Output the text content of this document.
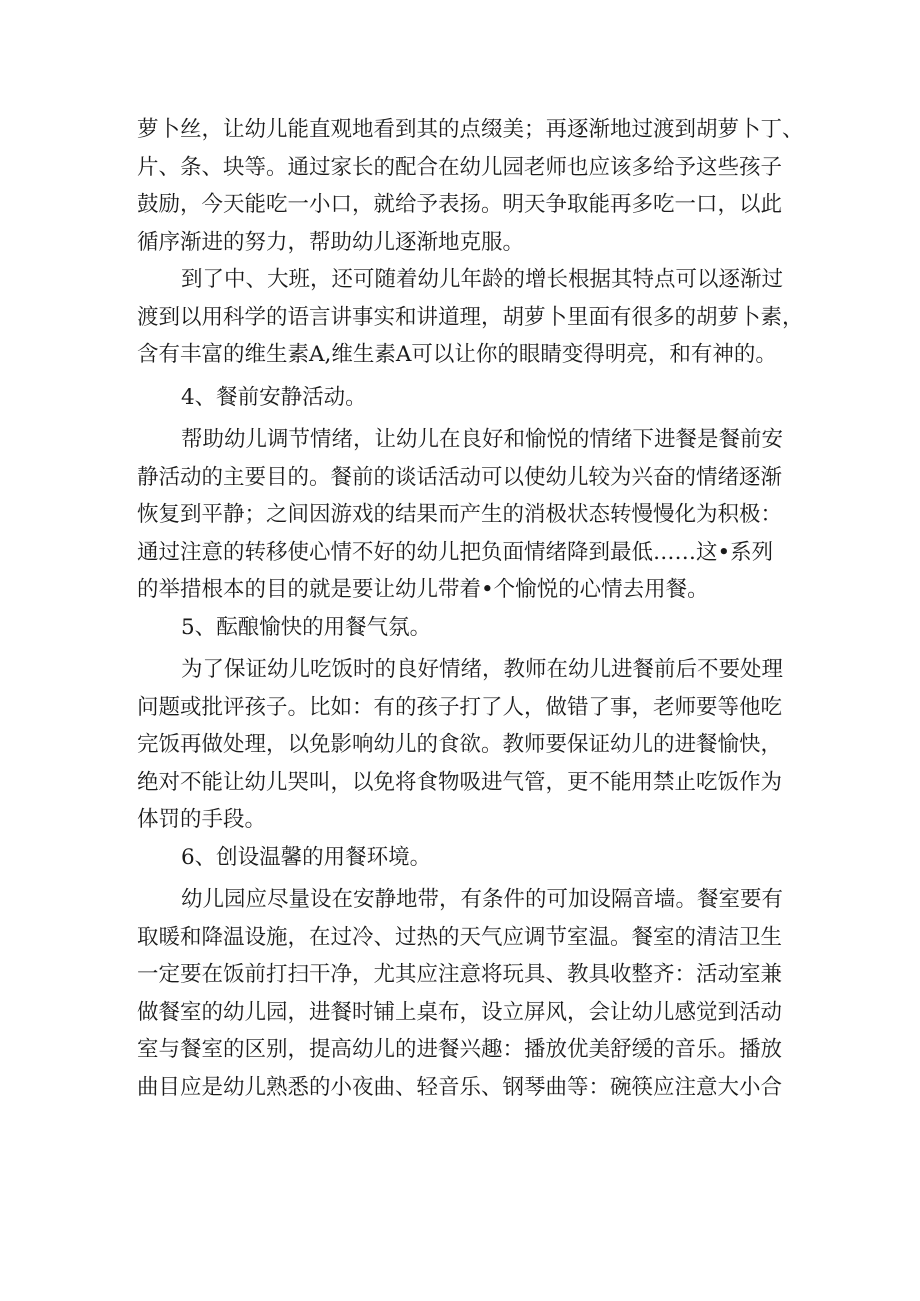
萝卜丝，让幼儿能直观地看到其的点缀美；再逐渐地过渡到胡萝卜丁、
片、条、块等。通过家长的配合在幼儿园老师也应该多给予这些孩子
鼓励，今天能吃一小口，就给予表扬。明天争取能再多吃一口，以此
循序渐进的努力，帮助幼儿逐渐地克服。
到了中、大班，还可随着幼儿年龄的增长根据其特点可以逐渐过
渡到以用科学的语言讲事实和讲道理，胡萝卜里面有很多的胡萝卜素，
含有丰富的维生素A,维生素A可以让你的眼睛变得明亮，和有神的。
4、餐前安静活动。
帮助幼儿调节情绪，让幼儿在良好和愉悦的情绪下进餐是餐前安
静活动的主要目的。餐前的谈话活动可以使幼儿较为兴奋的情绪逐渐
恢复到平静；之间因游戏的结果而产生的消极状态转慢慢化为积极：
通过注意的转移使心情不好的幼儿把负面情绪降到最低……这•系列
的举措根本的目的就是要让幼儿带着•个愉悦的心情去用餐。
5、酝酿愉快的用餐气氛。
为了保证幼儿吃饭时的良好情绪，教师在幼儿进餐前后不要处理
问题或批评孩子。比如：有的孩子打了人，做错了事，老师要等他吃
完饭再做处理，以免影响幼儿的食欲。教师要保证幼儿的进餐愉快，
绝对不能让幼儿哭叫，以免将食物吸进气管，更不能用禁止吃饭作为
体罚的手段。
6、创设温馨的用餐环境。
幼儿园应尽量设在安静地带，有条件的可加设隔音墙。餐室要有
取暖和降温设施，在过冷、过热的天气应调节室温。餐室的清洁卫生
一定要在饭前打扫干净，尤其应注意将玩具、教具收整齐：活动室兼
做餐室的幼儿园，进餐时铺上桌布，设立屏风，会让幼儿感觉到活动
室与餐室的区别，提高幼儿的进餐兴趣：播放优美舒缓的音乐。播放
曲目应是幼儿熟悉的小夜曲、轻音乐、钢琴曲等：碗筷应注意大小合
